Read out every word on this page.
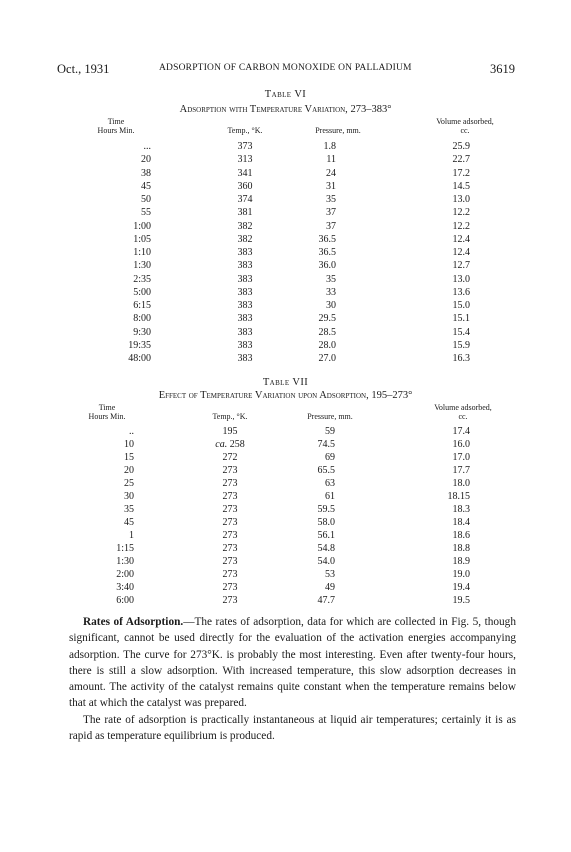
Oct., 1931	ADSORPTION OF CARBON MONOXIDE ON PALLADIUM	3619
Table VI
Adsorption with Temperature Variation, 273–383°
Time
Hours Min.	Temp., °K.	Pressure, mm.
Volume adsorbed,
cc.
...	373	1.8	25.9
20	313	11	22.7
38	341	24	17.2
45	360	31	14.5
50	374	35	13.0
55	381	37	12.2
1:00	382	37	12.2
1:05	382	36.5	12.4
1:10	383	36.5	12.4
1:30	383	36.0	12.7
2:35	383	35	13.0
5:00	383	33	13.6
6:15	383	30	15.0
8:00	383	29.5	15.1
9:30	383	28.5	15.4
19:35	383	28.0	15.9
48:00	383	27.0	16.3
Table VII
Effect of Temperature Variation upon Adsorption, 195–273°
Time
Hours Min.	Temp., °K.	Pressure, mm.
Volume adsorbed,
cc.
..	195	59	17.4
10	ca. 258	74.5	16.0
15	272	69	17.0
20	273	65.5	17.7
25	273	63	18.0
30	273	61	18.15
35	273	59.5	18.3
45	273	58.0	18.4
1	273	56.1	18.6
1:15	273	54.8	18.8
1:30	273	54.0	18.9
2:00	273	53	19.0
3:40	273	49	19.4
6:00	273	47.7	19.5

Rates of Adsorption.—The rates of adsorption, data for which are collected in Fig. 5, though significant, cannot be used directly for the evaluation of the activation energies accompanying adsorption. The curve for 273°K. is probably the most interesting. Even after twenty-four hours, there is still a slow adsorption. With increased temperature, this slow adsorption decreases in amount. The activity of the catalyst remains quite constant when the temperature remains below that at which the catalyst was prepared.

The rate of adsorption is practically instantaneous at liquid air temperatures; certainly it is as rapid as temperature equilibrium is produced.
